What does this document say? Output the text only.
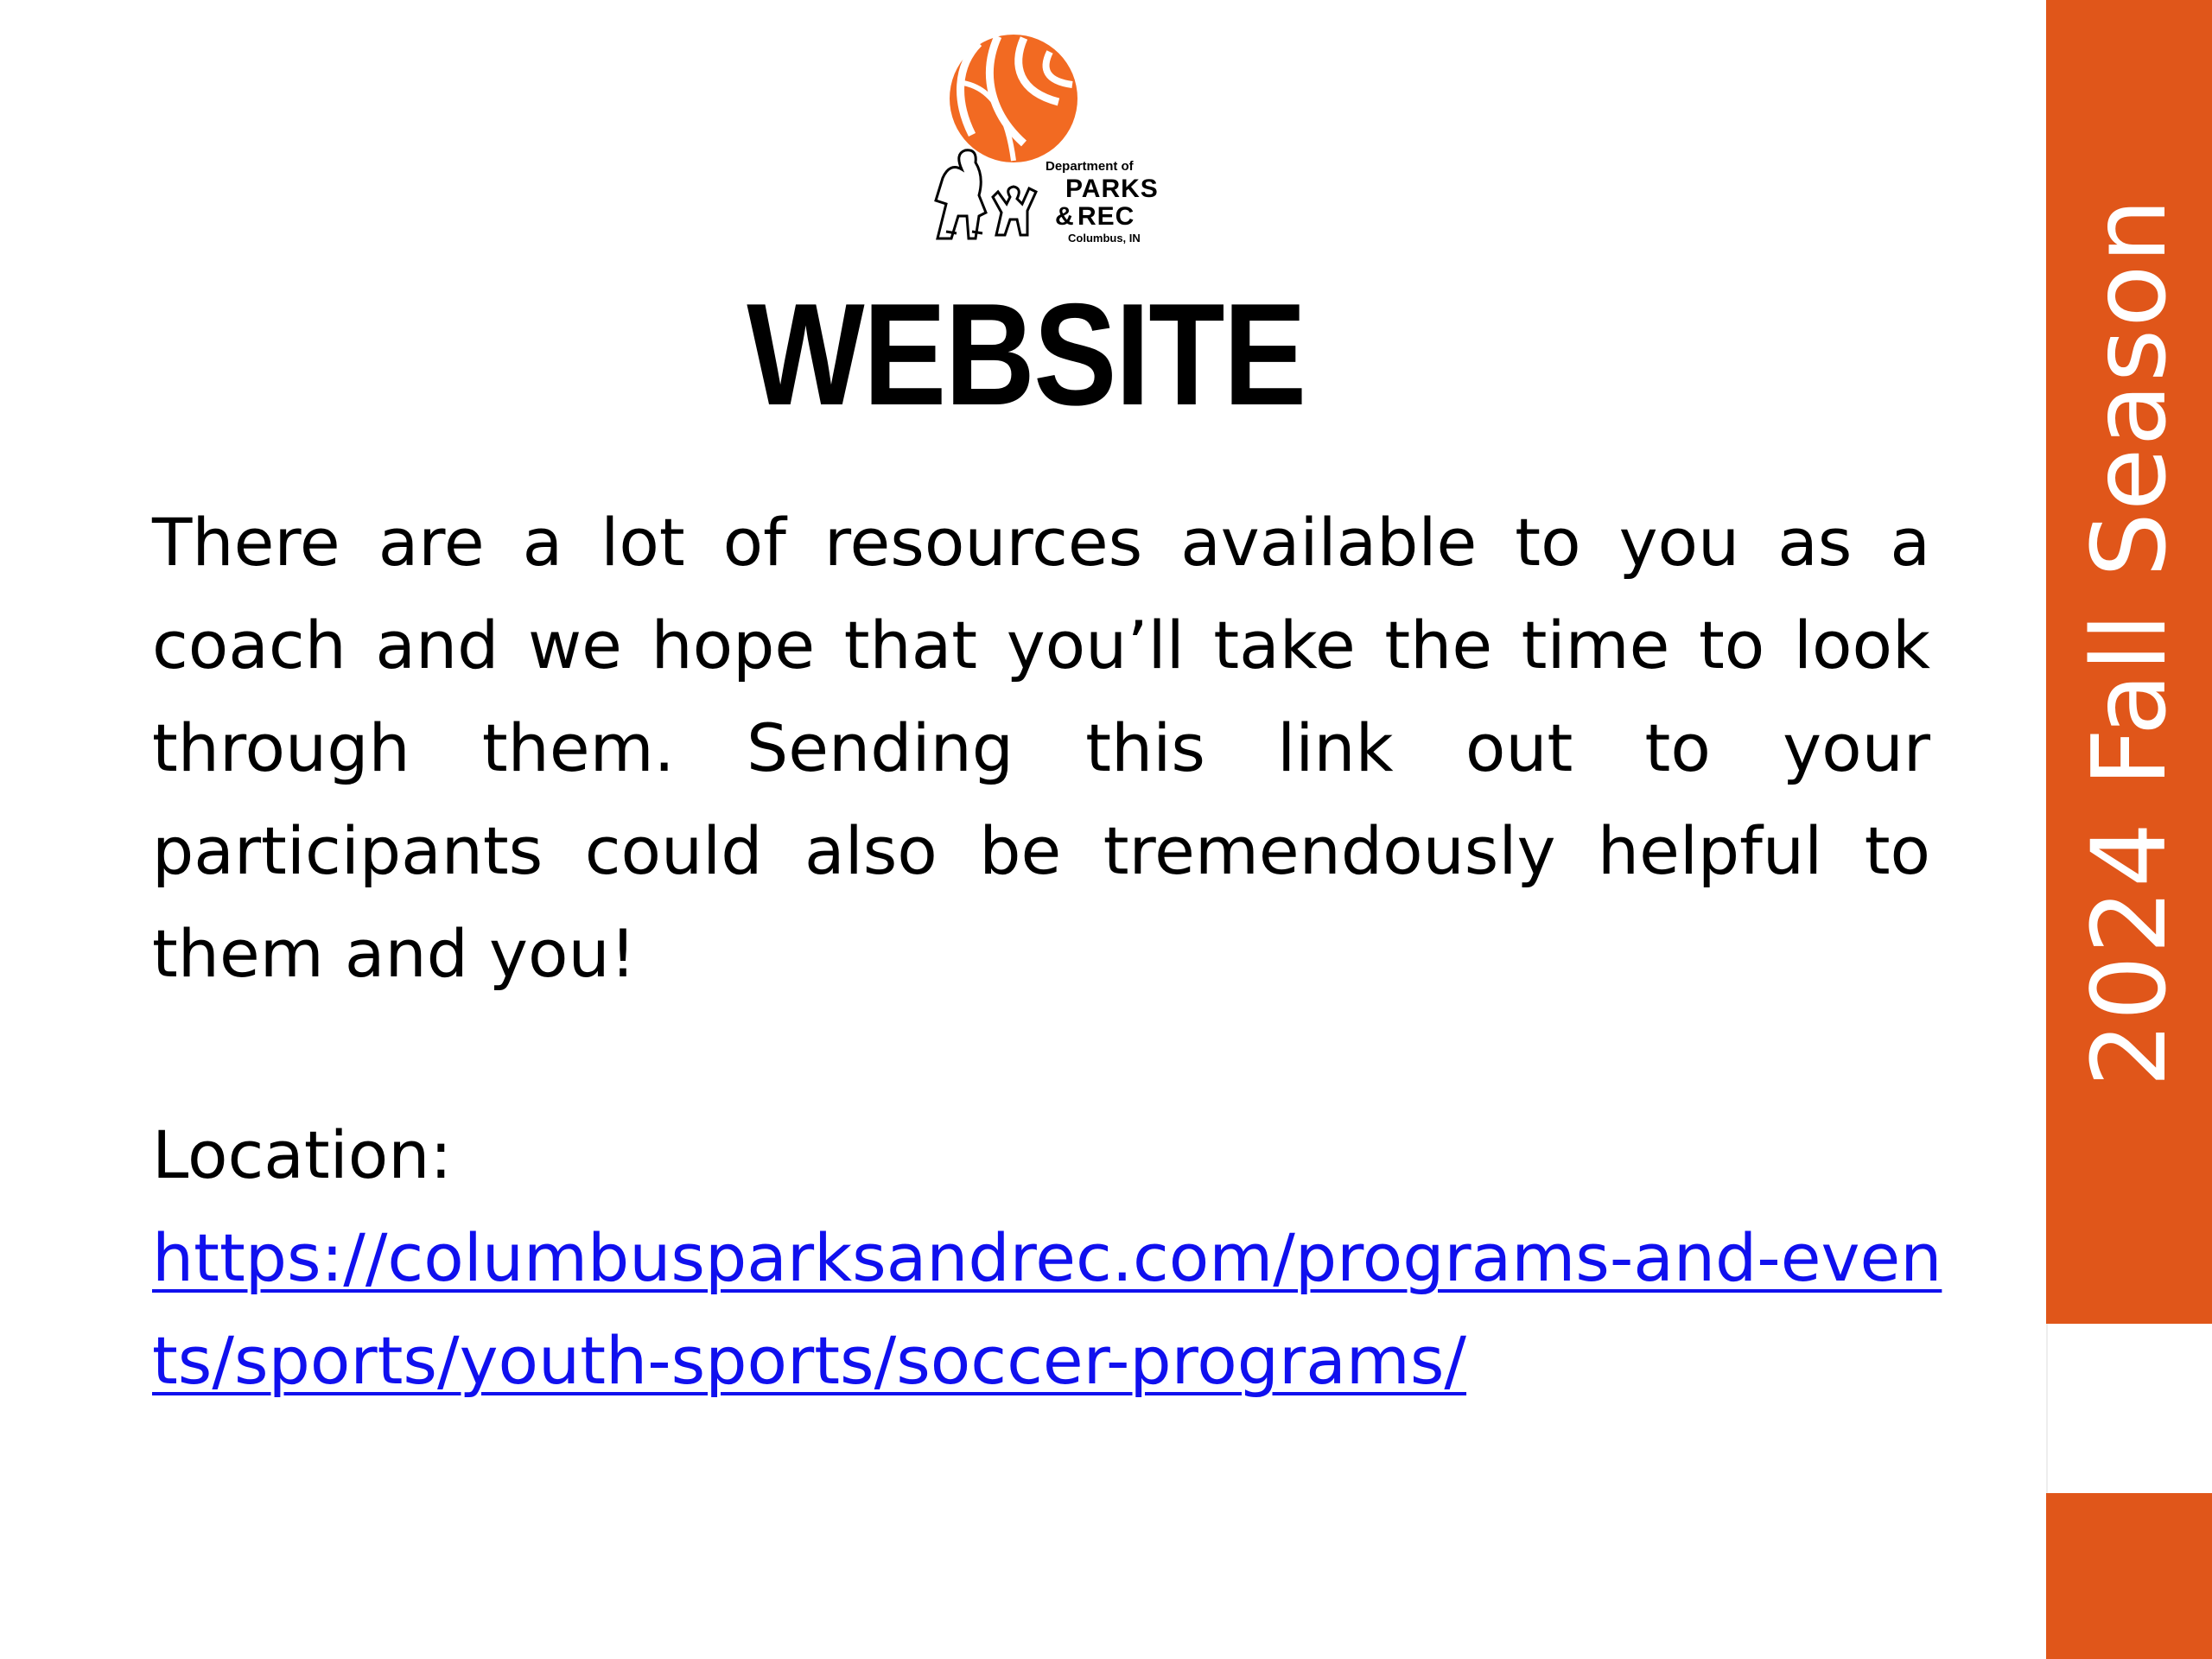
Department of
PARKS
& REC
Columbus, IN
WEBSITE
There are a lot of resources available to you as a coach and we hope that you’ll take the time to look through them. Sending this link out to your participants could also be tremendously helpful to them and you!
Location:
https://columbusparksandrec.com/programs-and-events/sports/youth-sports/soccer-programs/
2024 Fall Season
